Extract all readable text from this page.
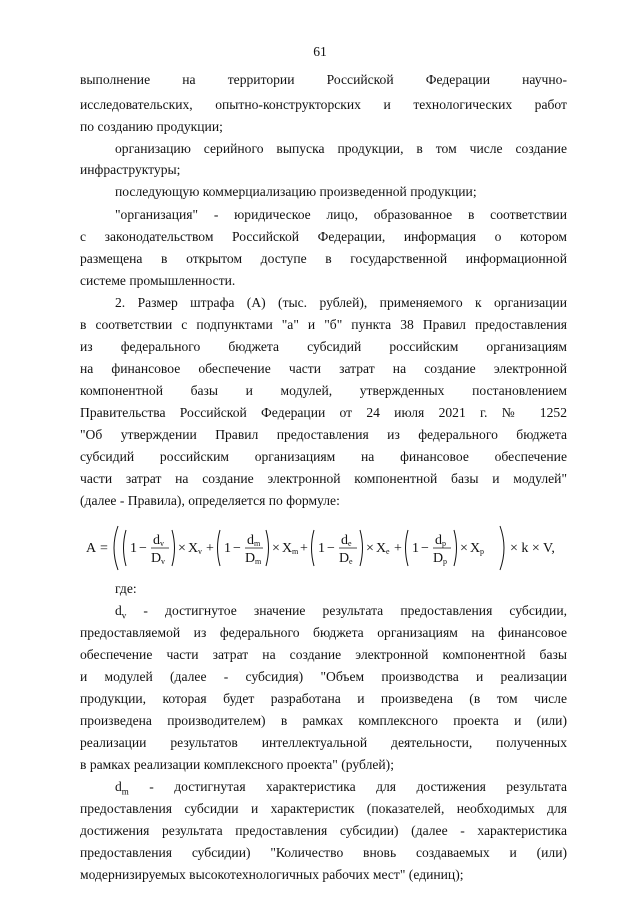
61
выполнение на территории Российской Федерации научно-
исследовательских, опытно-конструкторских и технологических работ
по созданию продукции;
организацию серийного выпуска продукции, в том числе создание
инфраструктуры;
последующую коммерциализацию произведенной продукции;
"организация" - юридическое лицо, образованное в соответствии
с законодательством Российской Федерации, информация о котором
размещена в открытом доступе в государственной информационной
системе промышленности.
2. Размер штрафа (А) (тыс. рублей), применяемого к организации
в соответствии с подпунктами "а" и "б" пункта 38 Правил предоставления
из федерального бюджета субсидий российским организациям
на финансовое обеспечение части затрат на создание электронной
компонентной базы и модулей, утвержденных постановлением
Правительства Российской Федерации от 24 июля 2021 г. № 1252
"Об утверждении Правил предоставления из федерального бюджета
субсидий российским организациям на финансовое обеспечение
части затрат на создание электронной компонентной базы и модулей"
(далее - Правила), определяется по формуле:
A = 1 −
d v
D v
× X v + 1 −
d m
D m
× X m + 1 −
d e
D e
× X e + 1 −
d p
D p
× X p × k × V,
где:
$d_v$ - достигнутое значение результата предоставления субсидии,
предоставляемой из федерального бюджета организациям на финансовое
обеспечение части затрат на создание электронной компонентной базы
и модулей (далее - субсидия) "Объем производства и реализации
продукции, которая будет разработана и произведена (в том числе
произведена производителем) в рамках комплексного проекта и (или)
реализации результатов интеллектуальной деятельности, полученных
в рамках реализации комплексного проекта" (рублей);
$d_m$ - достигнутая характеристика для достижения результата
предоставления субсидии и характеристик (показателей, необходимых для
достижения результата предоставления субсидии) (далее - характеристика
предоставления субсидии) "Количество вновь создаваемых и (или)
модернизируемых высокотехнологичных рабочих мест" (единиц);
